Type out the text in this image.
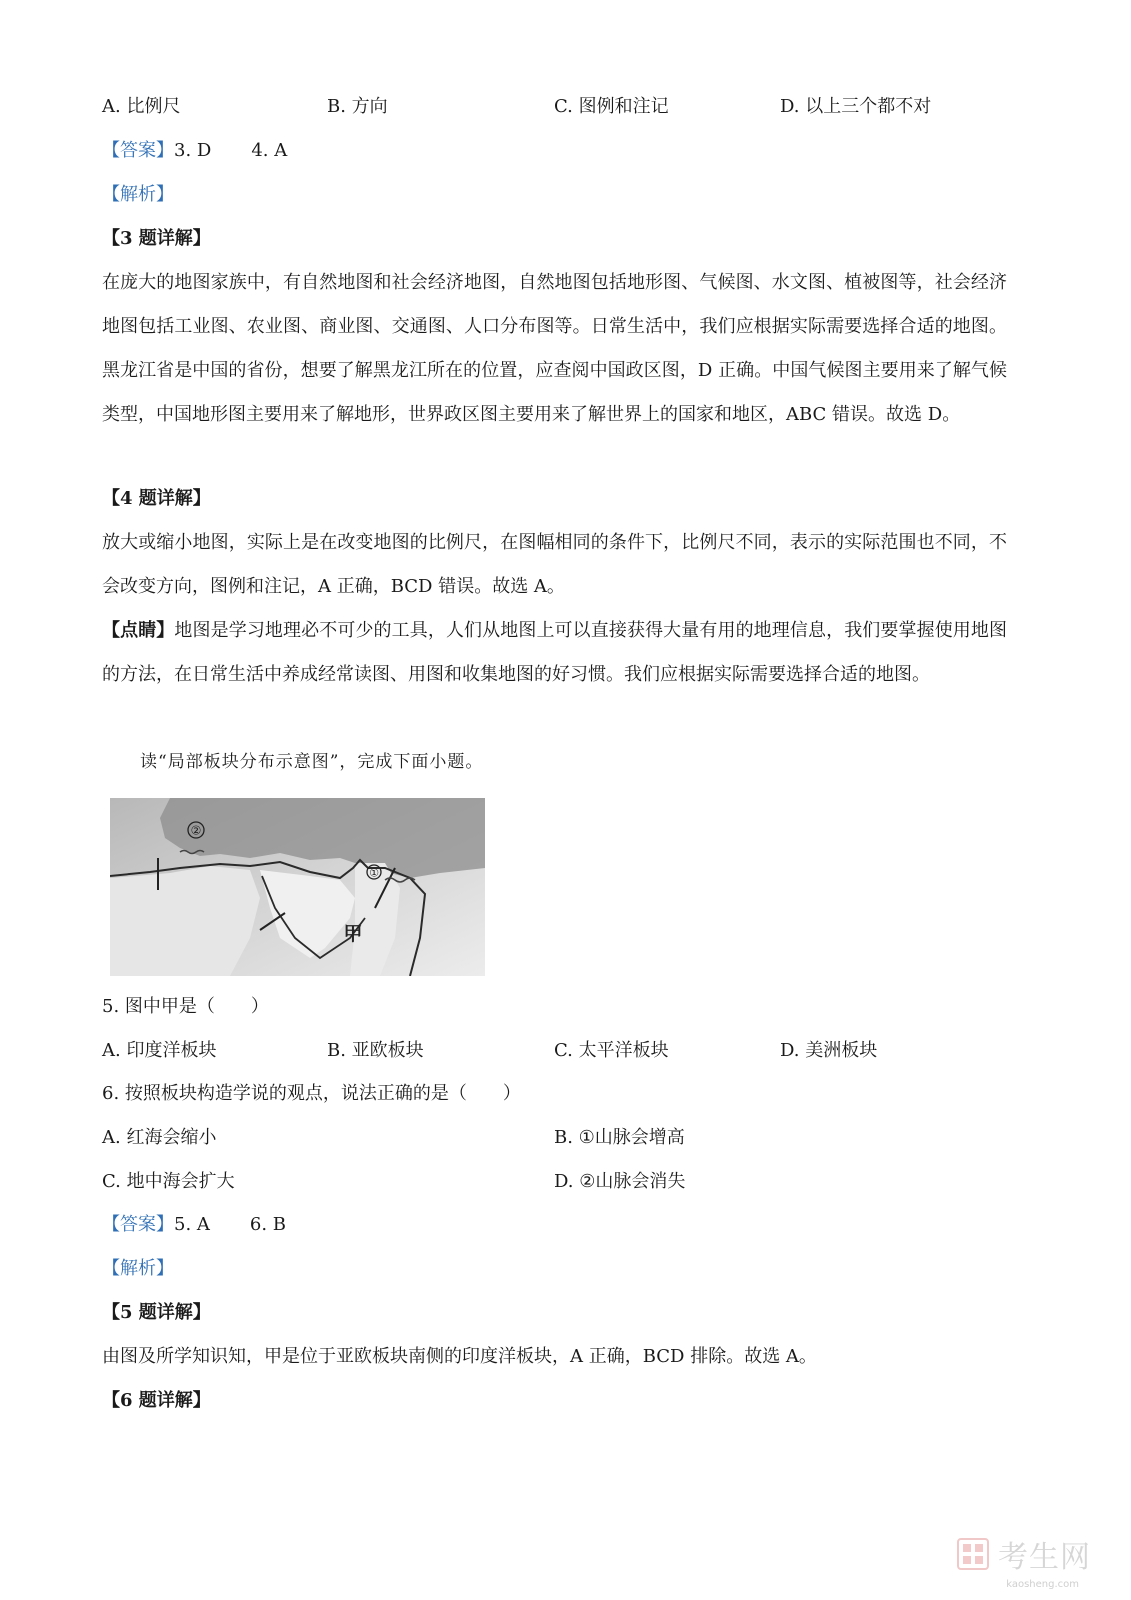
A. 比例尺	B. 方向	C. 图例和注记	D. 以上三个都不对
【答案】3. D 4. A
【解析】
【3 题详解】
在庞大的地图家族中，有自然地图和社会经济地图，自然地图包括地形图、气候图、水文图、植被图等，社会经济地图包括工业图、农业图、商业图、交通图、人口分布图等。日常生活中，我们应根据实际需要选择合适的地图。黑龙江省是中国的省份，想要了解黑龙江所在的位置，应查阅中国政区图，D 正确。中国气候图主要用来了解气候类型，中国地形图主要用来了解地形，世界政区图主要用来了解世界上的国家和地区，ABC 错误。故选 D。
【4 题详解】
放大或缩小地图，实际上是在改变地图的比例尺，在图幅相同的条件下，比例尺不同，表示的实际范围也不同，不会改变方向，图例和注记，A 正确，BCD 错误。故选 A。
【点睛】地图是学习地理必不可少的工具，人们从地图上可以直接获得大量有用的地理信息，我们要掌握使用地图的方法，在日常生活中养成经常读图、用图和收集地图的好习惯。我们应根据实际需要选择合适的地图。
读“局部板块分布示意图”，完成下面小题。
①
②
甲
5. 图中甲是（　　）
A. 印度洋板块	B. 亚欧板块	C. 太平洋板块	D. 美洲板块
6. 按照板块构造学说的观点，说法正确的是（　　）
A. 红海会缩小	B. ①山脉会增高
C. 地中海会扩大	D. ②山脉会消失
【答案】5. A 6. B
【解析】
【5 题详解】
由图及所学知识知，甲是位于亚欧板块南侧的印度洋板块，A 正确，BCD 排除。故选 A。
【6 题详解】
考生网
kaosheng.com
